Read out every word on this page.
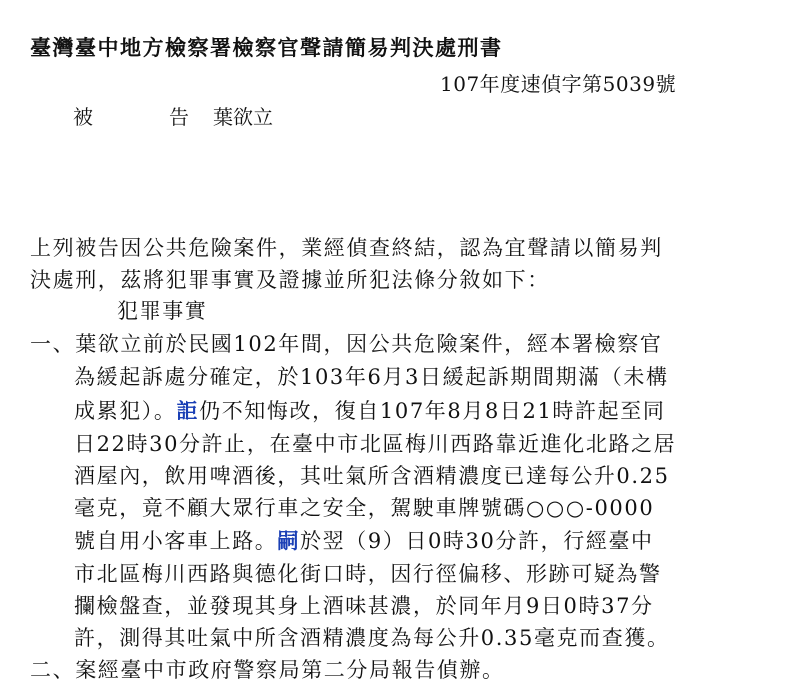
臺灣臺中地方檢察署檢察官聲請簡易判決處刑書
107年度速偵字第5039號
被	告 葉欲立
上列被告因公共危險案件，業經偵查終結，認為宜聲請以簡易判
決處刑，茲將犯罪事實及證據並所犯法條分敘如下：
犯罪事實
一、葉欲立前於民國102年間，因公共危險案件，經本署檢察官
為緩起訴處分確定，於103年6月3日緩起訴期間期滿（未構
成累犯）。詎仍不知悔改，復自107年8月8日21時許起至同
日22時30分許止，在臺中市北區梅川西路靠近進化北路之居
酒屋內，飲用啤酒後，其吐氣所含酒精濃度已達每公升0.25
毫克，竟不顧大眾行車之安全，駕駛車牌號碼○○○-0000
號自用小客車上路。嗣於翌（9）日0時30分許，行經臺中
市北區梅川西路與德化街口時，因行徑偏移、形跡可疑為警
攔檢盤查，並發現其身上酒味甚濃，於同年月9日0時37分
許，測得其吐氣中所含酒精濃度為每公升0.35毫克而查獲。
二、案經臺中市政府警察局第二分局報告偵辦。
